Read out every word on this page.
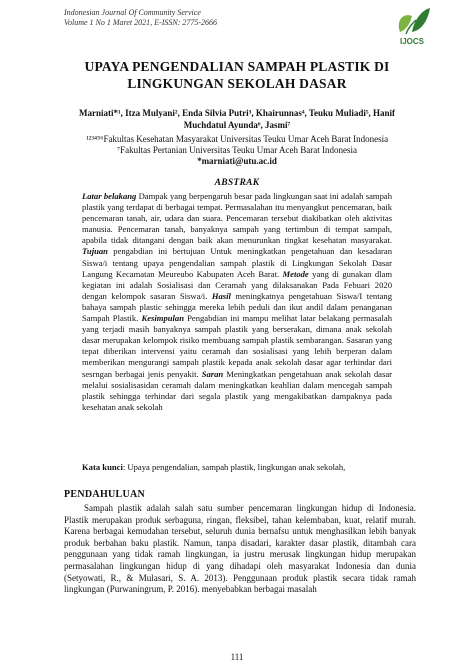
Indonesian Journal Of Community Service
Volume 1 No 1 Maret 2021, E-ISSN: 2775-2666
IJOCS
UPAYA PENGENDALIAN SAMPAH PLASTIK DI
LINGKUNGAN SEKOLAH DASAR
Marniati*¹, Itza Mulyani², Enda Silvia Putri³, Khairunnas⁴, Teuku Muliadi⁵, Hanif Muchdatul Ayunda⁶, Jasmi⁷
¹²³⁴⁵⁶Fakultas Kesehatan Masyarakat Universitas Teuku Umar Aceh Barat Indonesia
⁷Fakultas Pertanian Universitas Teuku Umar Aceh Barat Indonesia
*marniati@utu.ac.id
ABSTRAK

Latar belakang Dampak yang berpengaruh besar pada lingkungan saat ini adalah sampah plastik yang terdapat di berbagai tempat. Permasalahan itu menyangkut pencemaran, baik pencemaran tanah, air, udara dan suara. Pencemaran tersebut diakibatkan oleh aktivitas manusia. Pencemaran tanah, banyaknya sampah yang tertimbun di tempat sampah, apabila tidak ditangani dengan baik akan menurunkan tingkat kesehatan masyarakat. Tujuan pengabdian ini bertujuan Untuk meningkatkan pengetahuan dan kesadaran Siswa/i tentang upaya pengendalian sampah plastik di Lingkungan Sekolah Dasar Langung Kecamatan Meureubo Kabupaten Aceh Barat. Metode yang di gunakan dlam kegiatan ini adalah Sosialisasi dan Ceramah yang dilaksanakan Pada Febuari 2020 dengan kelompok sasaran Siswa/i. Hasil meningkatnya pengetahuan Siswa/I tentang bahaya sampah plastic sehingga mereka lebih peduli dan ikut andil dalam penanganan Sampah Plastik. Kesimpulan Pengabdian ini mampu melihat latar belakang permasalah yang terjadi masih banyaknya sampah plastik yang berserakan, dimana anak sekolah dasar merupakan kelompok risiko membuang sampah plastik sembarangan. Sasaran yang tepat diberikan intervensi yaitu ceramah dan sosialisasi yang lebih berperan dalam memberikan mengurangi sampah plastik kepada anak sekolah dasar agar terhindar dari sesrngan berbagai jenis penyakit. Saran Meningkatkan pengetahuan anak sekolah dasar melalui sosialisasidan ceramah dalam meningkatkan keahlian dalam mencegah sampah plastik sehingga terhindar dari segala plastik yang mengakibatkan dampaknya pada kesehatan anak sekolah

Kata kunci: Upaya pengendalian, sampah plastik, lingkungan anak sekolah,
PENDAHULUAN

Sampah plastik adalah salah satu sumber pencemaran lingkungan hidup di Indonesia. Plastik merupakan produk serbaguna, ringan, fleksibel, tahan kelembaban, kuat, relatif murah. Karena berbagai kemudahan tersebut, seluruh dunia bernafsu untuk menghasilkan lebih banyak produk berbahan baku plastik. Namun, tanpa disadari, karakter dasar plastik, ditambah cara penggunaan yang tidak ramah lingkungan, ia justru merusak lingkungan hidup merupakan permasalahan lingkungan hidup di yang dihadapi oleh masyarakat Indonesia dan dunia (Setyowati, R., & Mulasari, S. A. 2013). Penggunaan produk plastik secara tidak ramah lingkungan (Purwaningrum, P. 2016). menyebabkan berbagai masalah

111
